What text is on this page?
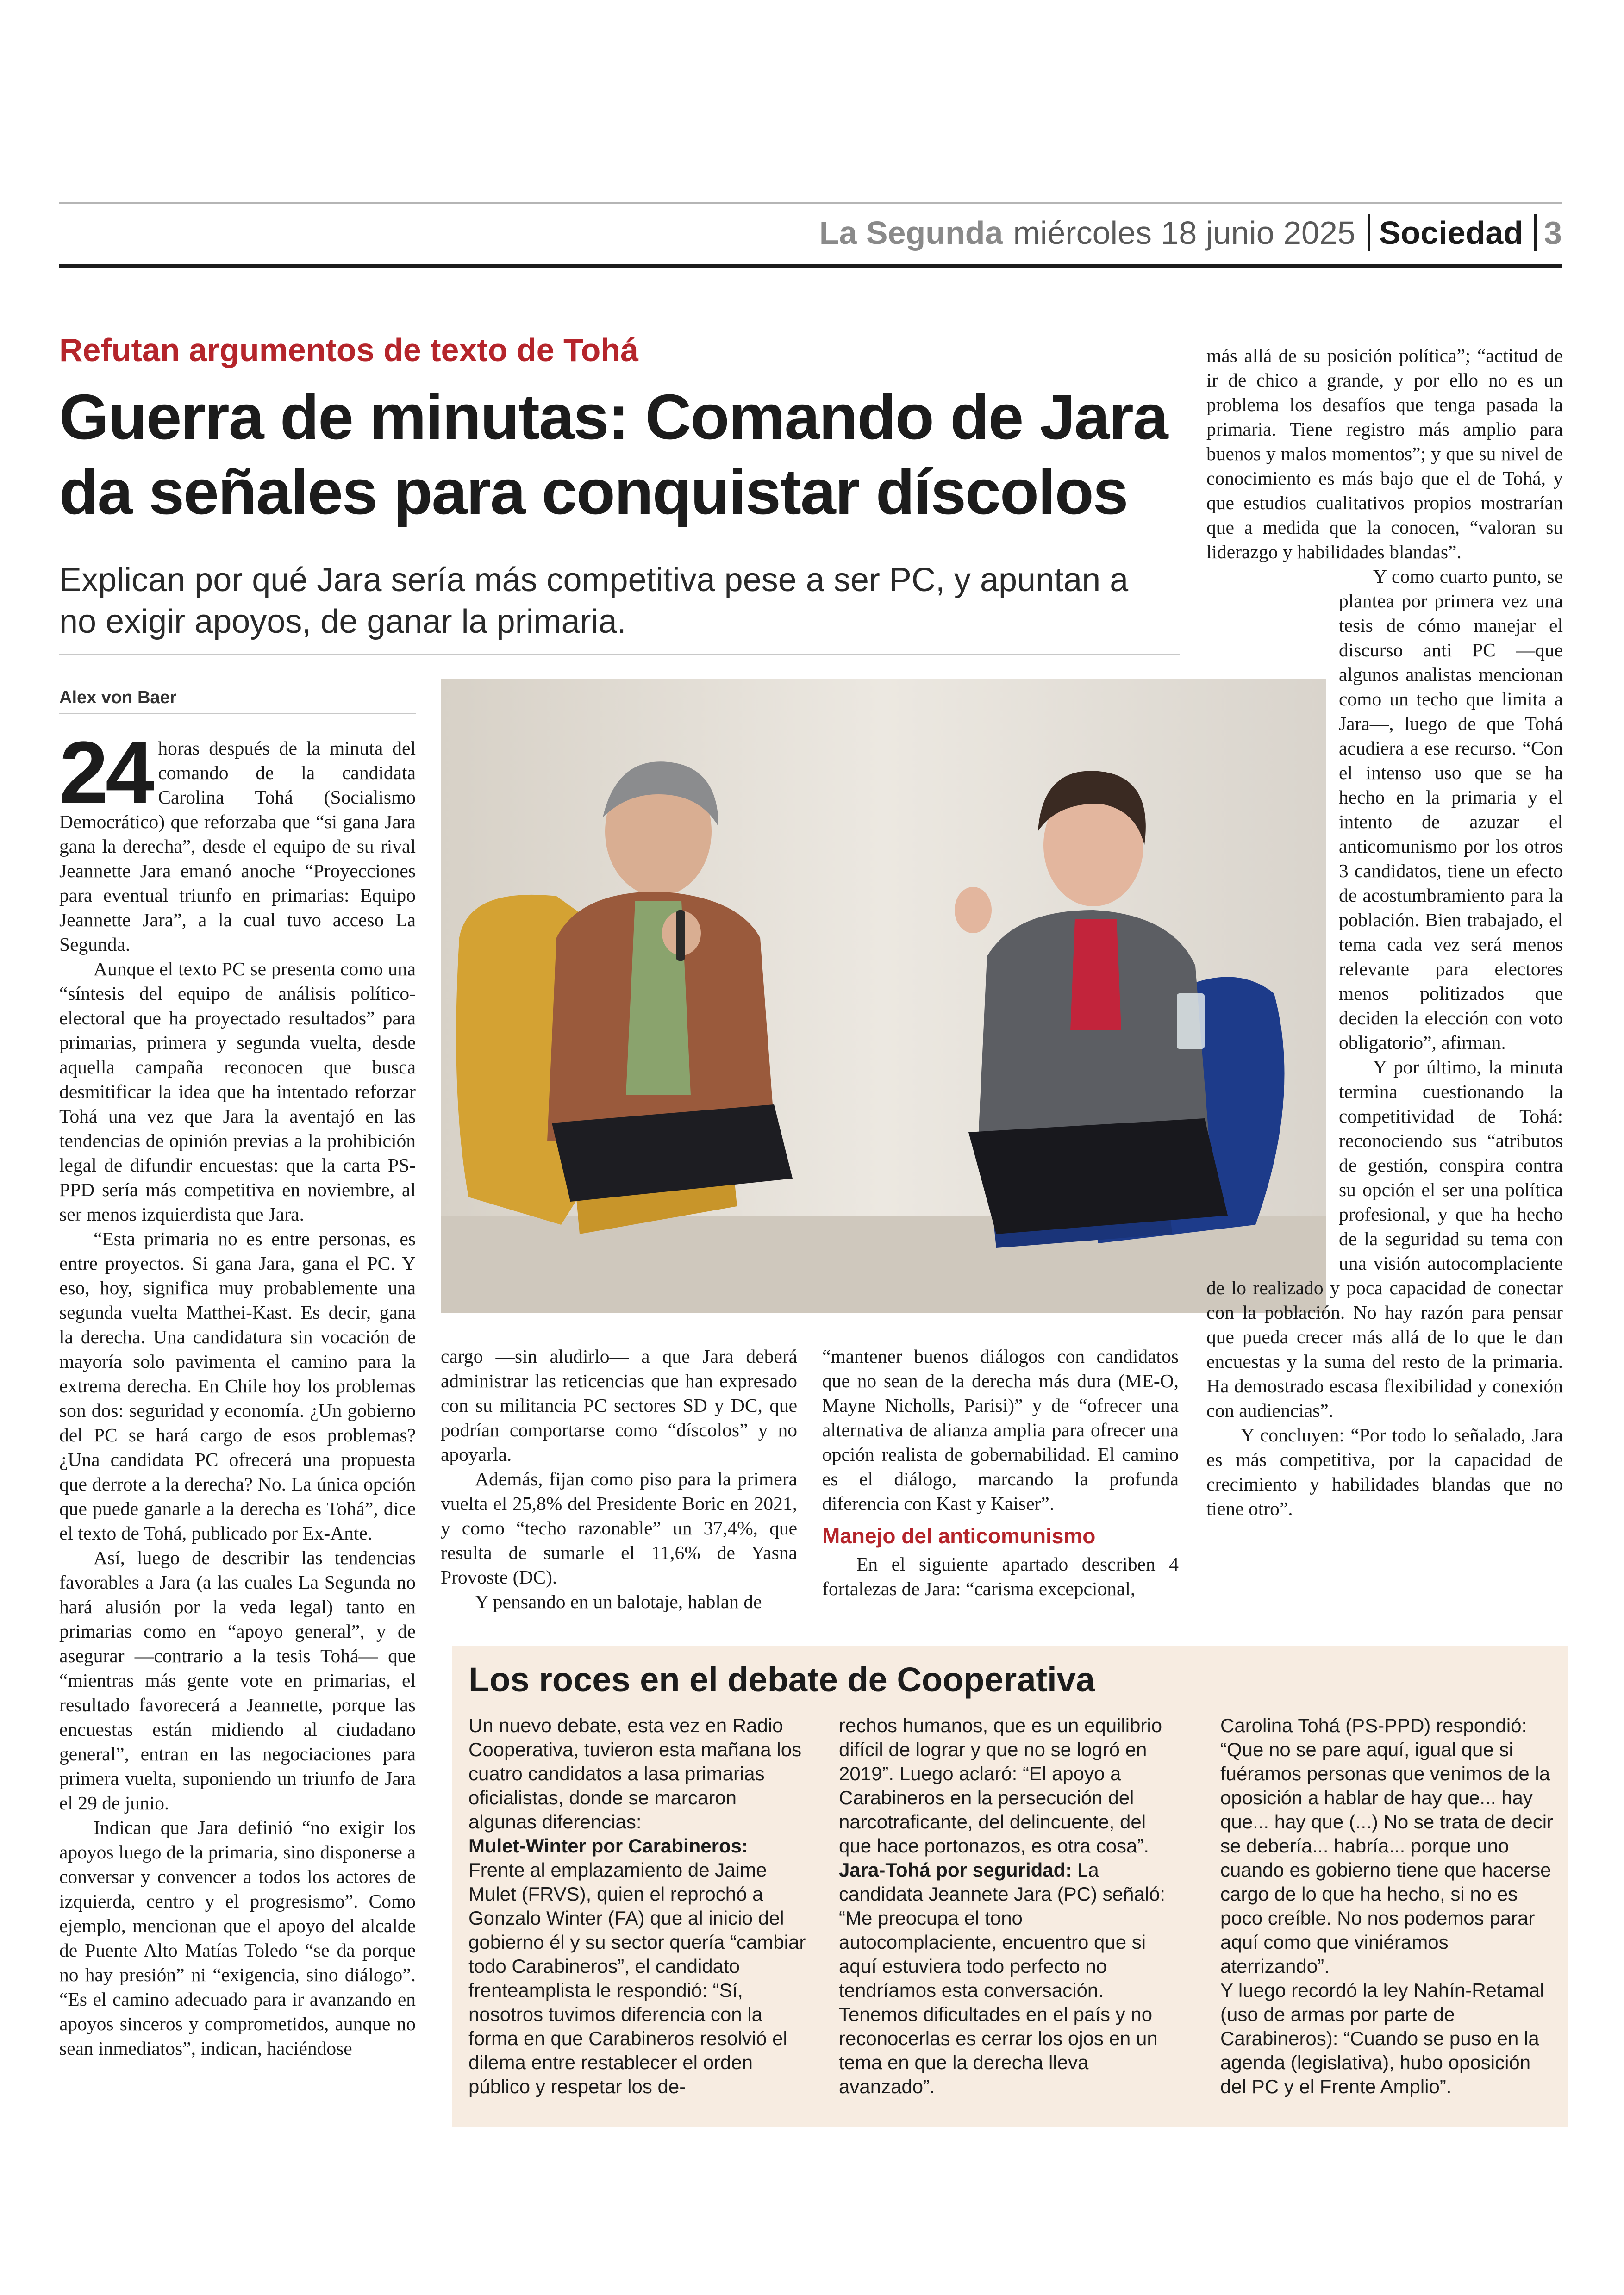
La Segunda miércoles 18 junio 2025 Sociedad 3
Refutan argumentos de texto de Tohá
Guerra de minutas: Comando de Jara da señales para conquistar díscolos
Explican por qué Jara sería más competitiva pese a ser PC, y apuntan a no exigir apoyos, de ganar la primaria.
Alex von Baer
24 horas después de la minuta del comando de la candidata Carolina Tohá (Socialismo Democrático) que reforzaba que “si gana Jara gana la derecha”, desde el equipo de su rival Jeannette Jara emanó anoche “Proyecciones para eventual triunfo en primarias: Equipo Jeannette Jara”, a la cual tuvo acceso La Segunda.

Aunque el texto PC se presenta como una “síntesis del equipo de análisis político-electoral que ha proyectado resultados” para primarias, primera y segunda vuelta, desde aquella campaña reconocen que busca desmitificar la idea que ha intentado reforzar Tohá una vez que Jara la aventajó en las tendencias de opinión previas a la prohibición legal de difundir encuestas: que la carta PS-PPD sería más competitiva en noviembre, al ser menos izquierdista que Jara.

“Esta primaria no es entre personas, es entre proyectos. Si gana Jara, gana el PC. Y eso, hoy, significa muy probablemente una segunda vuelta Matthei-Kast. Es decir, gana la derecha. Una candidatura sin vocación de mayoría solo pavimenta el camino para la extrema derecha. En Chile hoy los problemas son dos: seguridad y economía. ¿Un gobierno del PC se hará cargo de esos problemas? ¿Una candidata PC ofrecerá una propuesta que derrote a la derecha? No. La única opción que puede ganarle a la derecha es Tohá”, dice el texto de Tohá, publicado por Ex-Ante.

Así, luego de describir las tendencias favorables a Jara (a las cuales La Segunda no hará alusión por la veda legal) tanto en primarias como en “apoyo general”, y de asegurar —contrario a la tesis Tohá— que “mientras más gente vote en primarias, el resultado favorecerá a Jeannette, porque las encuestas están midiendo al ciudadano general”, entran en las negociaciones para primera vuelta, suponiendo un triunfo de Jara el 29 de junio.

Indican que Jara definió “no exigir los apoyos luego de la primaria, sino disponerse a conversar y convencer a todos los actores de izquierda, centro y el progresismo”. Como ejemplo, mencionan que el apoyo del alcalde de Puente Alto Matías Toledo “se da porque no hay presión” ni “exigencia, sino diálogo”. “Es el camino adecuado para ir avanzando en apoyos sinceros y comprometidos, aunque no sean inmediatos”, indican, haciéndose

cargo —sin aludirlo— a que Jara deberá administrar las reticencias que han expresado con su militancia PC sectores SD y DC, que podrían comportarse como “díscolos” y no apoyarla.

Además, fijan como piso para la primera vuelta el 25,8% del Presidente Boric en 2021, y como “techo razonable” un 37,4%, que resulta de sumarle el 11,6% de Yasna Provoste (DC).

Y pensando en un balotaje, hablan de

“mantener buenos diálogos con candidatos que no sean de la derecha más dura (ME-O, Mayne Nicholls, Parisi)” y de “ofrecer una alternativa de alianza amplia para ofrecer una opción realista de gobernabilidad. El camino es el diálogo, marcando la profunda diferencia con Kast y Kaiser”.

Manejo del anticomunismo

En el siguiente apartado describen 4 fortalezas de Jara: “carisma excepcional,

más allá de su posición política”; “actitud de ir de chico a grande, y por ello no es un problema los desafíos que tenga pasada la primaria. Tiene registro más amplio para buenos y malos momentos”; y que su nivel de conocimiento es más bajo que el de Tohá, y que estudios cualitativos propios mostrarían que a medida que la conocen, “valoran su liderazgo y habilidades blandas”.

Y como cuarto punto, se plantea por primera vez una tesis de cómo manejar el discurso anti PC —que algunos analistas mencionan como un techo que limita a Jara—, luego de que Tohá acudiera a ese recurso. “Con el intenso uso que se ha hecho en la primaria y el intento de azuzar el anticomunismo por los otros 3 candidatos, tiene un efecto de acostumbramiento para la población. Bien trabajado, el tema cada vez será menos relevante para electores menos politizados que deciden la elección con voto obligatorio”, afirman.

Y por último, la minuta termina cuestionando la competitividad de Tohá: reconociendo sus “atributos de gestión, conspira contra su opción el ser una política profesional, y que ha hecho de la seguridad su tema con una visión autocomplaciente de lo realizado y poca capacidad de conectar con la población. No hay razón para pensar que pueda crecer más allá de lo que le dan encuestas y la suma del resto de la primaria. Ha demostrado escasa flexibilidad y conexión con audiencias”.

Y concluyen: “Por todo lo señalado, Jara es más competitiva, por la capacidad de crecimiento y habilidades blandas que no tiene otro”.

Los roces en el debate de Cooperativa

Un nuevo debate, esta vez en Radio Cooperativa, tuvieron esta mañana los cuatro candidatos a lasa primarias oficialistas, donde se marcaron algunas diferencias:
Mulet-Winter por Carabineros:
Frente al emplazamiento de Jaime Mulet (FRVS), quien el reprochó a Gonzalo Winter (FA) que al inicio del gobierno él y su sector quería “cambiar todo Carabineros”, el candidato frenteamplista le respondió: “Sí, nosotros tuvimos diferencia con la forma en que Carabineros resolvió el dilema entre restablecer el orden público y respetar los de-

rechos humanos, que es un equilibrio difícil de lograr y que no se logró en 2019”. Luego aclaró: “El apoyo a Carabineros en la persecución del narcotraficante, del delincuente, del que hace portonazos, es otra cosa”.
Jara-Tohá por seguridad: La candidata Jeannete Jara (PC) señaló: “Me preocupa el tono autocomplaciente, encuentro que si aquí estuviera todo perfecto no tendríamos esta conversación. Tenemos dificultades en el país y no reconocerlas es cerrar los ojos en un tema en que la derecha lleva avanzado”.

Carolina Tohá (PS-PPD) respondió: “Que no se pare aquí, igual que si fuéramos personas que venimos de la oposición a hablar de hay que... hay que... hay que (...) No se trata de decir se debería... habría... porque uno cuando es gobierno tiene que hacerse cargo de lo que ha hecho, si no es poco creíble. No nos podemos parar aquí como que viniéramos aterrizando”.

Y luego recordó la ley Nahín-Retamal (uso de armas por parte de Carabineros): “Cuando se puso en la agenda (legislativa), hubo oposición del PC y el Frente Amplio”.
